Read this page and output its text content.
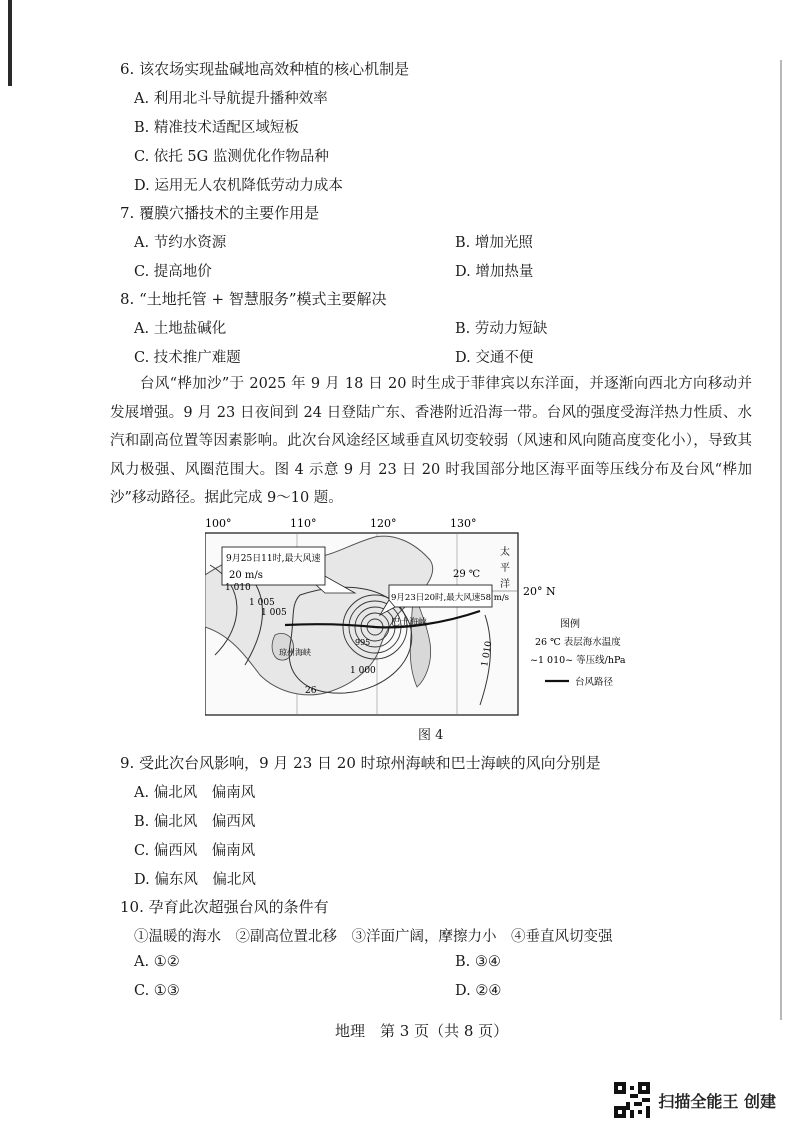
6. 该农场实现盐碱地高效种植的核心机制是
A. 利用北斗导航提升播种效率
B. 精准技术适配区域短板
C. 依托 5G 监测优化作物品种
D. 运用无人农机降低劳动力成本
7. 覆膜穴播技术的主要作用是
A. 节约水资源	B. 增加光照
C. 提高地价	D. 增加热量
8. “土地托管 + 智慧服务”模式主要解决
A. 土地盐碱化	B. 劳动力短缺
C. 技术推广难题	D. 交通不便
台风“桦加沙”于 2025 年 9 月 18 日 20 时生成于菲律宾以东洋面，并逐渐向西北方向移动并发展增强。9 月 23 日夜间到 24 日登陆广东、香港附近沿海一带。台风的强度受海洋热力性质、水汽和副高位置等因素影响。此次台风途经区域垂直风切变较弱（风速和风向随高度变化小），导致其风力极强、风圈范围大。图 4 示意 9 月 23 日 20 时我国部分地区海平面等压线分布及台风“桦加沙”移动路径。据此完成 9～10 题。
100°	110°	120°	130°
20° N
9月25日11时,最大风速
20 m/s
9月23日20时,最大风速58 m/s
1 010
1 005
1 005
1 000
995	1 010
29 ℃
26
巴士海峡
琼州海峡
太
平
洋
图例
26 ℃ 表层海水温度
~1 010~ 等压线/hPa
台风路径
图 4
9. 受此次台风影响，9 月 23 日 20 时琼州海峡和巴士海峡的风向分别是
A. 偏北风　偏南风
B. 偏北风　偏西风
C. 偏西风　偏南风
D. 偏东风　偏北风
10. 孕育此次超强台风的条件有
①温暖的海水　②副高位置北移　③洋面广阔，摩擦力小　④垂直风切变强
A. ①②	B. ③④
C. ①③	D. ②④
地理　第 3 页（共 8 页）
扫描全能王 创建
